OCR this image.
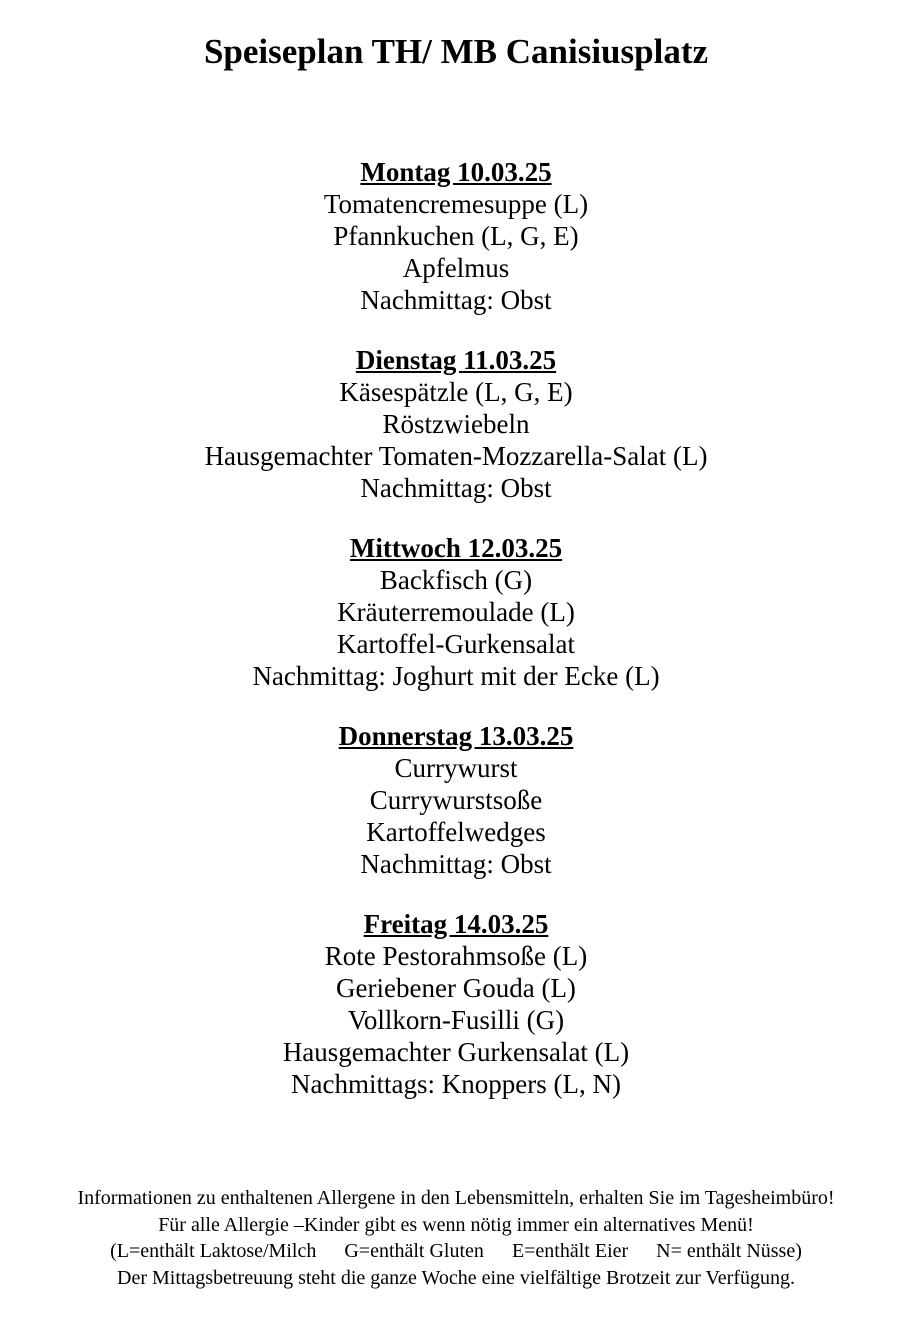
Speiseplan TH/ MB Canisiusplatz
Montag 10.03.25
Tomatencremesuppe (L)
Pfannkuchen (L, G, E)
Apfelmus
Nachmittag: Obst
Dienstag 11.03.25
Käsespätzle (L, G, E)
Röstzwiebeln
Hausgemachter Tomaten-Mozzarella-Salat (L)
Nachmittag: Obst
Mittwoch 12.03.25
Backfisch (G)
Kräuterremoulade (L)
Kartoffel-Gurkensalat
Nachmittag: Joghurt mit der Ecke (L)
Donnerstag 13.03.25
Currywurst
Currywurstsoße
Kartoffelwedges
Nachmittag: Obst
Freitag 14.03.25
Rote Pestorahmsoße (L)
Geriebener Gouda (L)
Vollkorn-Fusilli (G)
Hausgemachter Gurkensalat (L)
Nachmittags: Knoppers (L, N)
Informationen zu enthaltenen Allergene in den Lebensmitteln, erhalten Sie im Tagesheimbüro!
Für alle Allergie –Kinder gibt es wenn nötig immer ein alternatives Menü!
(L=enthält Laktose/Milch G=enthält Gluten E=enthält Eier N= enthält Nüsse)
Der Mittagsbetreuung steht die ganze Woche eine vielfältige Brotzeit zur Verfügung.
